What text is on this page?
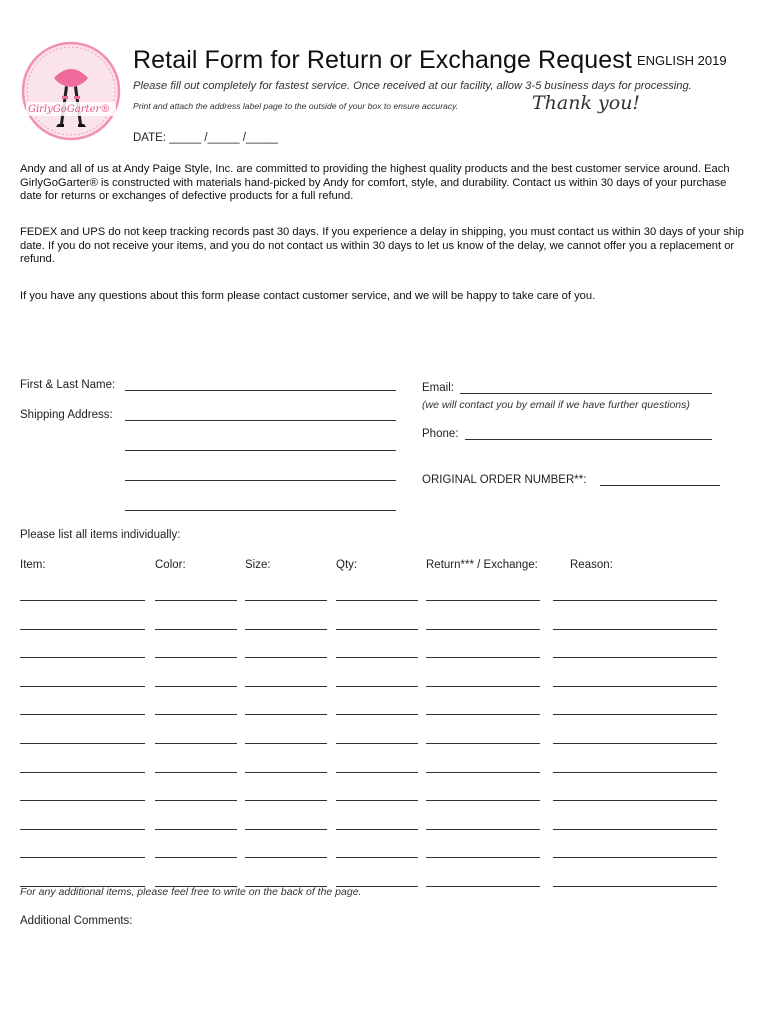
GirlyGoGarter®
Retail Form for Return or Exchange Request ENGLISH 2019
Please fill out completely for fastest service. Once received at our facility, allow 3-5 business days for processing.
Print and attach the address label page to the outside of your box to ensure accuracy.	Thank you!
DATE: _____ /_____ /_____
Andy and all of us at Andy Paige Style, Inc. are committed to providing the highest quality products and the best customer service around. Each GirlyGoGarter® is constructed with materials hand-picked by Andy for comfort, style, and durability. Contact us within 30 days of your purchase date for returns or exchanges of defective products for a full refund.
FEDEX and UPS do not keep tracking records past 30 days. If you experience a delay in shipping, you must contact us within 30 days of your ship date. If you do not receive your items, and you do not contact us within 30 days to let us know of the delay, we cannot offer you a replacement or refund.
If you have any questions about this form please contact customer service, and we will be happy to take care of you.
First & Last Name:
Shipping Address:
Email:
(we will contact you by email if we have further questions)
Phone:
ORIGINAL ORDER NUMBER**:
Please list all items individually:
Item:	Color:	Size:	Qty:	Return*** / Exchange:	Reason:
For any additional items, please feel free to write on the back of the page.
Additional Comments:
